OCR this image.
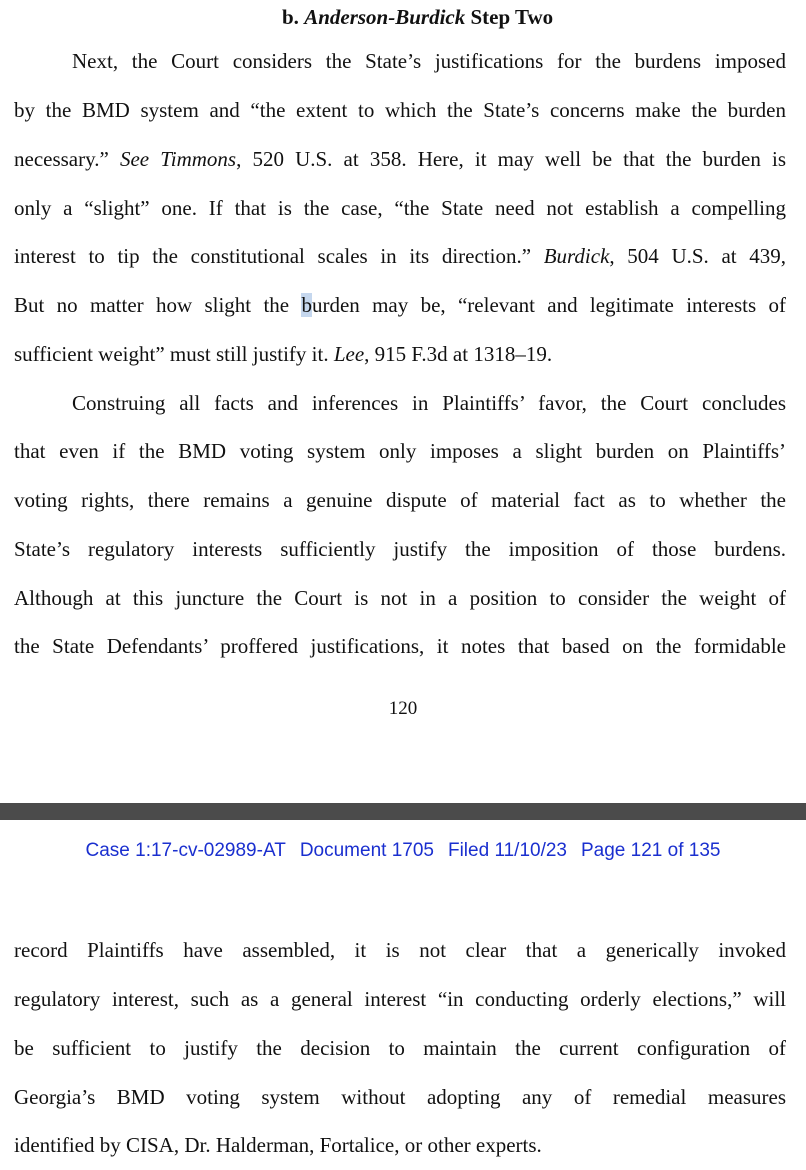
b. Anderson-Burdick Step Two
Next, the Court considers the State’s justifications for the burdens imposed
by the BMD system and “the extent to which the State’s concerns make the burden
necessary.” See Timmons, 520 U.S. at 358. Here, it may well be that the burden is
only a “slight” one. If that is the case, “the State need not establish a compelling
interest to tip the constitutional scales in its direction.” Burdick, 504 U.S. at 439,
But no matter how slight the burden may be, “relevant and legitimate interests of
sufficient weight” must still justify it. Lee, 915 F.3d at 1318–19.
Construing all facts and inferences in Plaintiffs’ favor, the Court concludes
that even if the BMD voting system only imposes a slight burden on Plaintiffs’
voting rights, there remains a genuine dispute of material fact as to whether the
State’s regulatory interests sufficiently justify the imposition of those burdens.
Although at this juncture the Court is not in a position to consider the weight of
the State Defendants’ proffered justifications, it notes that based on the formidable
120
Case 1:17-cv-02989-AT Document 1705 Filed 11/10/23 Page 121 of 135
record Plaintiffs have assembled, it is not clear that a generically invoked
regulatory interest, such as a general interest “in conducting orderly elections,” will
be sufficient to justify the decision to maintain the current configuration of
Georgia’s BMD voting system without adopting any of remedial measures
identified by CISA, Dr. Halderman, Fortalice, or other experts.
